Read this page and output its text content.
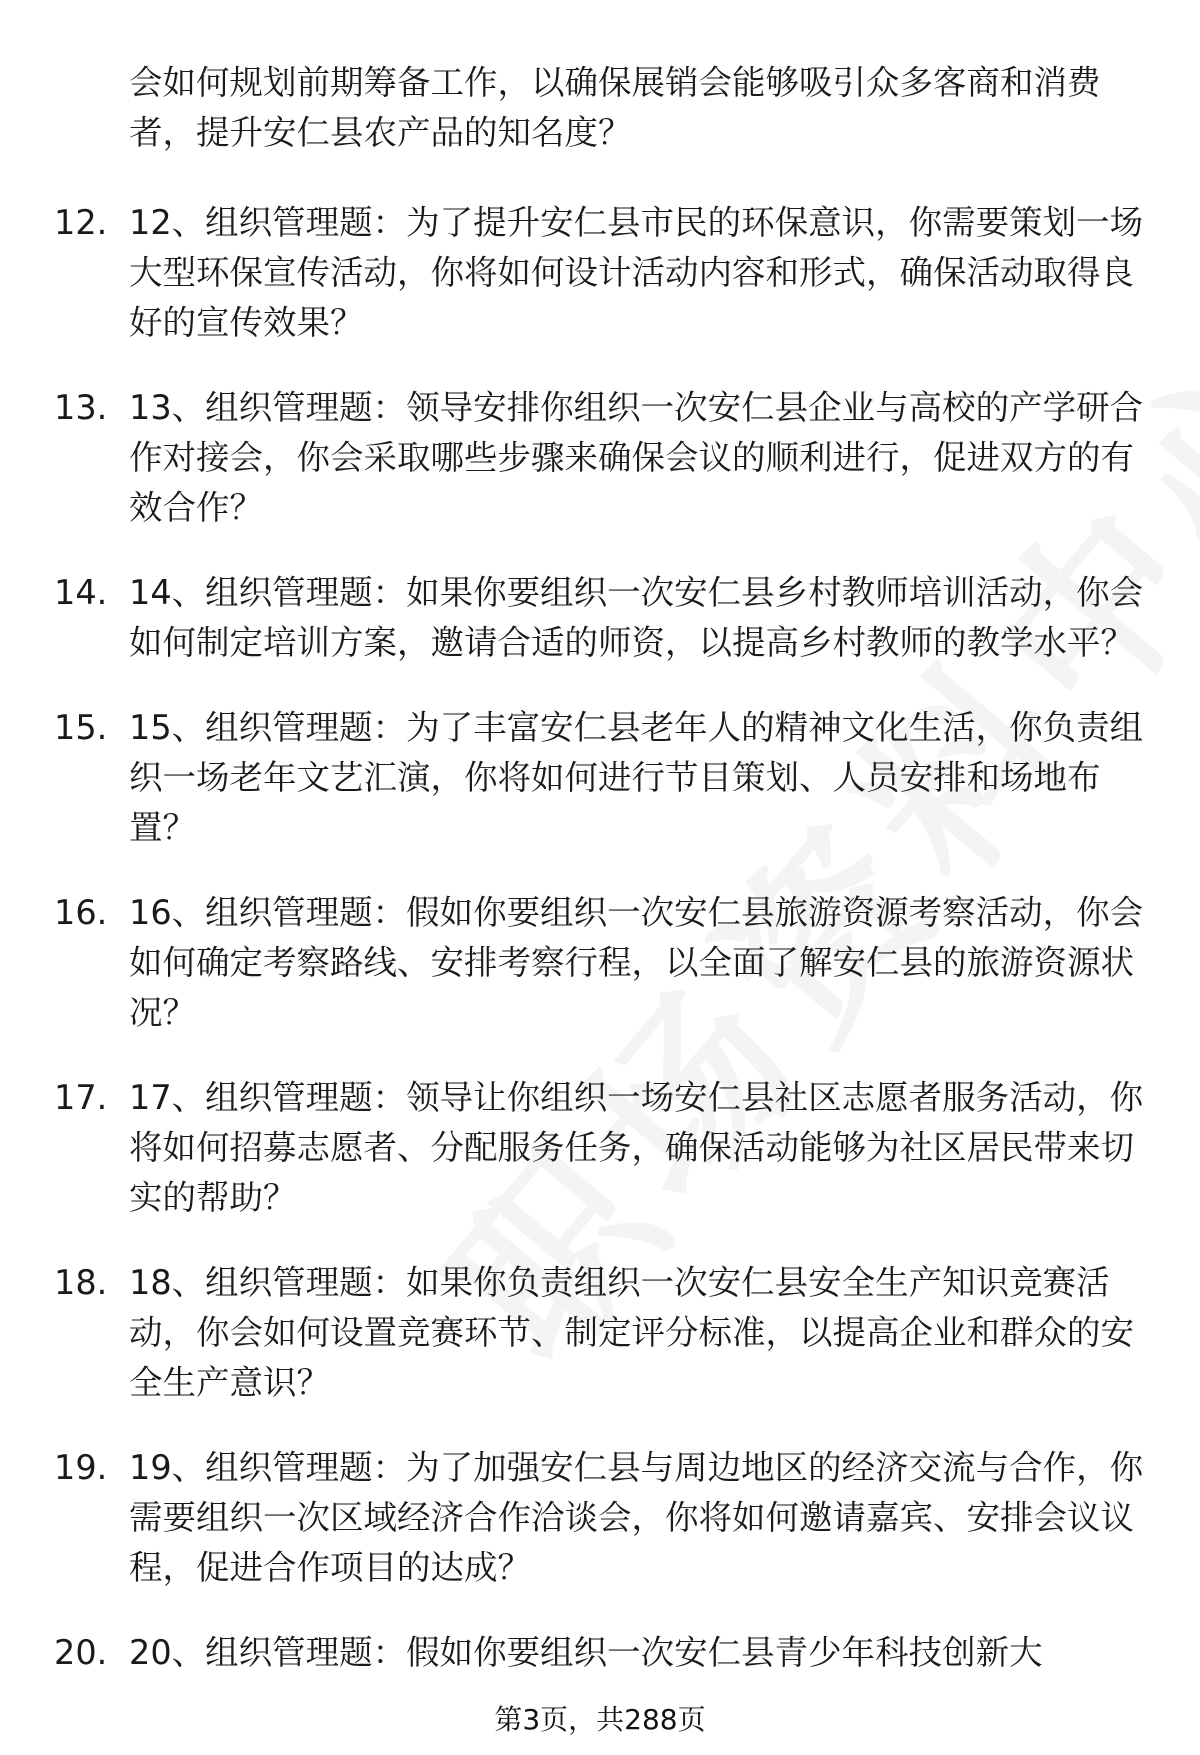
会如何规划前期筹备工作，以确保展销会能够吸引众多客商和消费者，提升安仁县农产品的知名度？
12. 12、组织管理题：为了提升安仁县市民的环保意识，你需要策划一场大型环保宣传活动，你将如何设计活动内容和形式，确保活动取得良好的宣传效果？
13. 13、组织管理题：领导安排你组织一次安仁县企业与高校的产学研合作对接会，你会采取哪些步骤来确保会议的顺利进行，促进双方的有效合作？
14. 14、组织管理题：如果你要组织一次安仁县乡村教师培训活动，你会如何制定培训方案，邀请合适的师资，以提高乡村教师的教学水平？
15. 15、组织管理题：为了丰富安仁县老年人的精神文化生活，你负责组织一场老年文艺汇演，你将如何进行节目策划、人员安排和场地布置？
16. 16、组织管理题：假如你要组织一次安仁县旅游资源考察活动，你会如何确定考察路线、安排考察行程，以全面了解安仁县的旅游资源状况？
17. 17、组织管理题：领导让你组织一场安仁县社区志愿者服务活动，你将如何招募志愿者、分配服务任务，确保活动能够为社区居民带来切实的帮助？
18. 18、组织管理题：如果你负责组织一次安仁县安全生产知识竞赛活动，你会如何设置竞赛环节、制定评分标准，以提高企业和群众的安全生产意识？
19. 19、组织管理题：为了加强安仁县与周边地区的经济交流与合作，你需要组织一次区域经济合作洽谈会，你将如何邀请嘉宾、安排会议议程，促进合作项目的达成？
20. 20、组织管理题：假如你要组织一次安仁县青少年科技创新大
第3页，共288页
